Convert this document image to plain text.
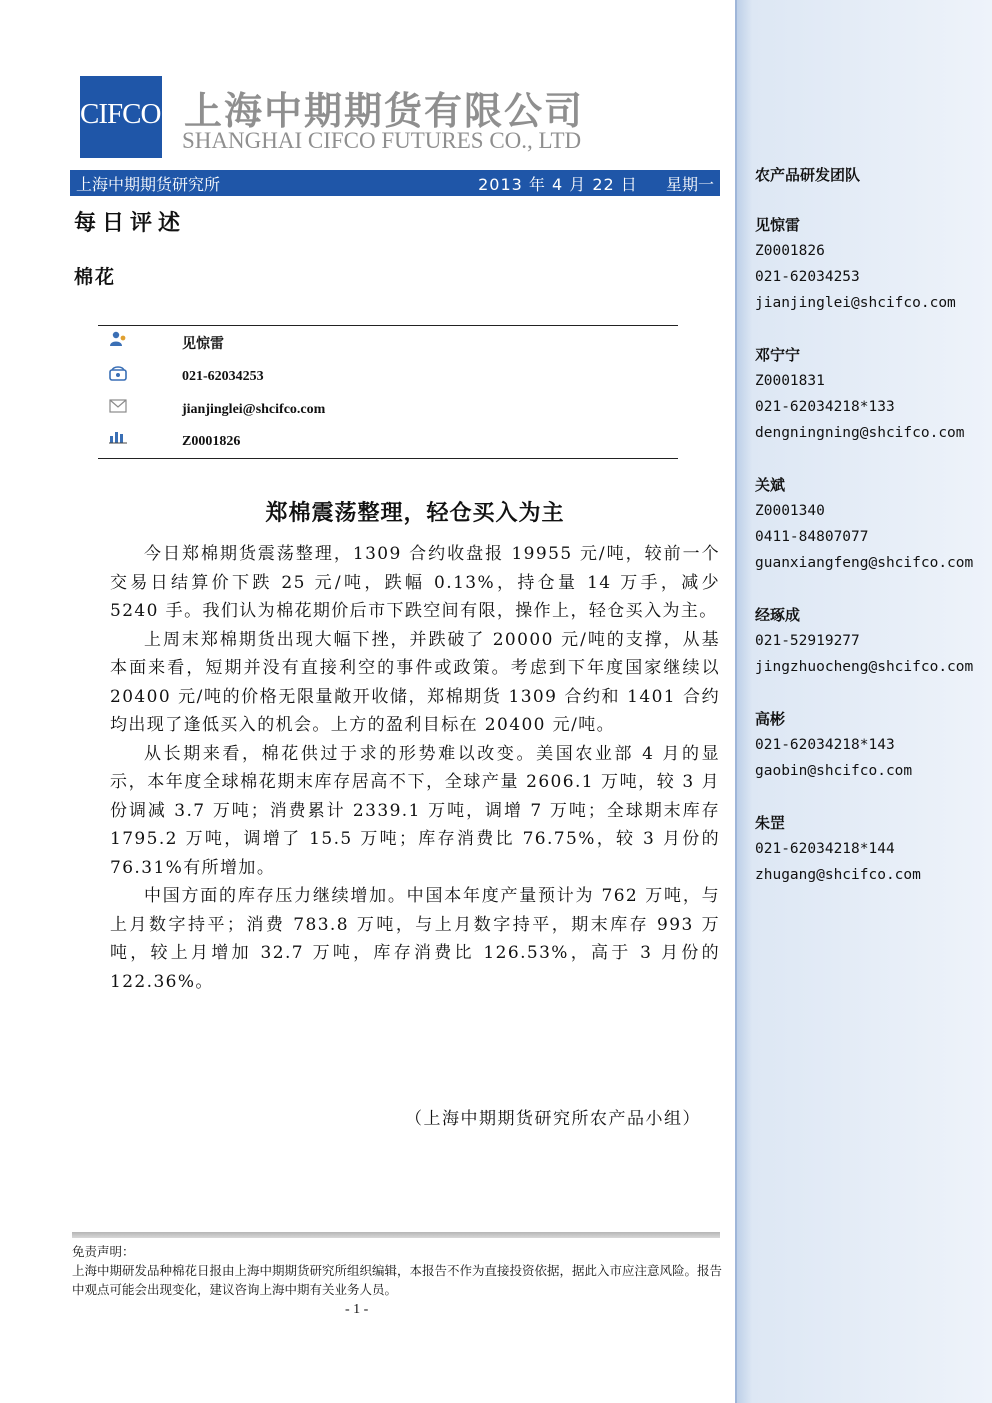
CIFCO 上海中期期货有限公司
SHANGHAI CIFCO FUTURES CO., LTD
上海中期期货研究所	2013 年 4 月 22 日 星期一
每日评述
棉花
见惊雷
021-62034253
jianjinglei@shcifco.com
Z0001826
郑棉震荡整理，轻仓买入为主

今日郑棉期货震荡整理，1309 合约收盘报 19955 元/吨，较前一个交易日结算价下跌 25 元/吨，跌幅 0.13%，持仓量 14 万手，减少 5240 手。我们认为棉花期价后市下跌空间有限，操作上，轻仓买入为主。

上周末郑棉期货出现大幅下挫，并跌破了 20000 元/吨的支撑，从基本面来看，短期并没有直接利空的事件或政策。考虑到下年度国家继续以 20400 元/吨的价格无限量敞开收储，郑棉期货 1309 合约和 1401 合约均出现了逢低买入的机会。上方的盈利目标在 20400 元/吨。

从长期来看，棉花供过于求的形势难以改变。美国农业部 4 月的显示，本年度全球棉花期末库存居高不下，全球产量 2606.1 万吨，较 3 月份调减 3.7 万吨；消费累计 2339.1 万吨，调增 7 万吨；全球期末库存 1795.2 万吨，调增了 15.5 万吨；库存消费比 76.75%，较 3 月份的 76.31%有所增加。

中国方面的库存压力继续增加。中国本年度产量预计为 762 万吨，与上月数字持平；消费 783.8 万吨，与上月数字持平，期末库存 993 万吨，较上月增加 32.7 万吨，库存消费比 126.53%，高于 3 月份的 122.36%。

（上海中期期货研究所农产品小组）
免责声明：
上海中期研发品种棉花日报由上海中期期货研究所组织编辑，本报告不作为直接投资依据，据此入市应注意风险。报告中观点可能会出现变化，建议咨询上海中期有关业务人员。
- 1 -
农产品研发团队
见惊雷
Z0001826
021-62034253
jianjinglei@shcifco.com
邓宁宁
Z0001831
021-62034218*133
dengningning@shcifco.com
关斌
Z0001340
0411-84807077
guanxiangfeng@shcifco.com
经琢成
021-52919277
jingzhuocheng@shcifco.com
高彬
021-62034218*143
gaobin@shcifco.com
朱罡
021-62034218*144
zhugang@shcifco.com
